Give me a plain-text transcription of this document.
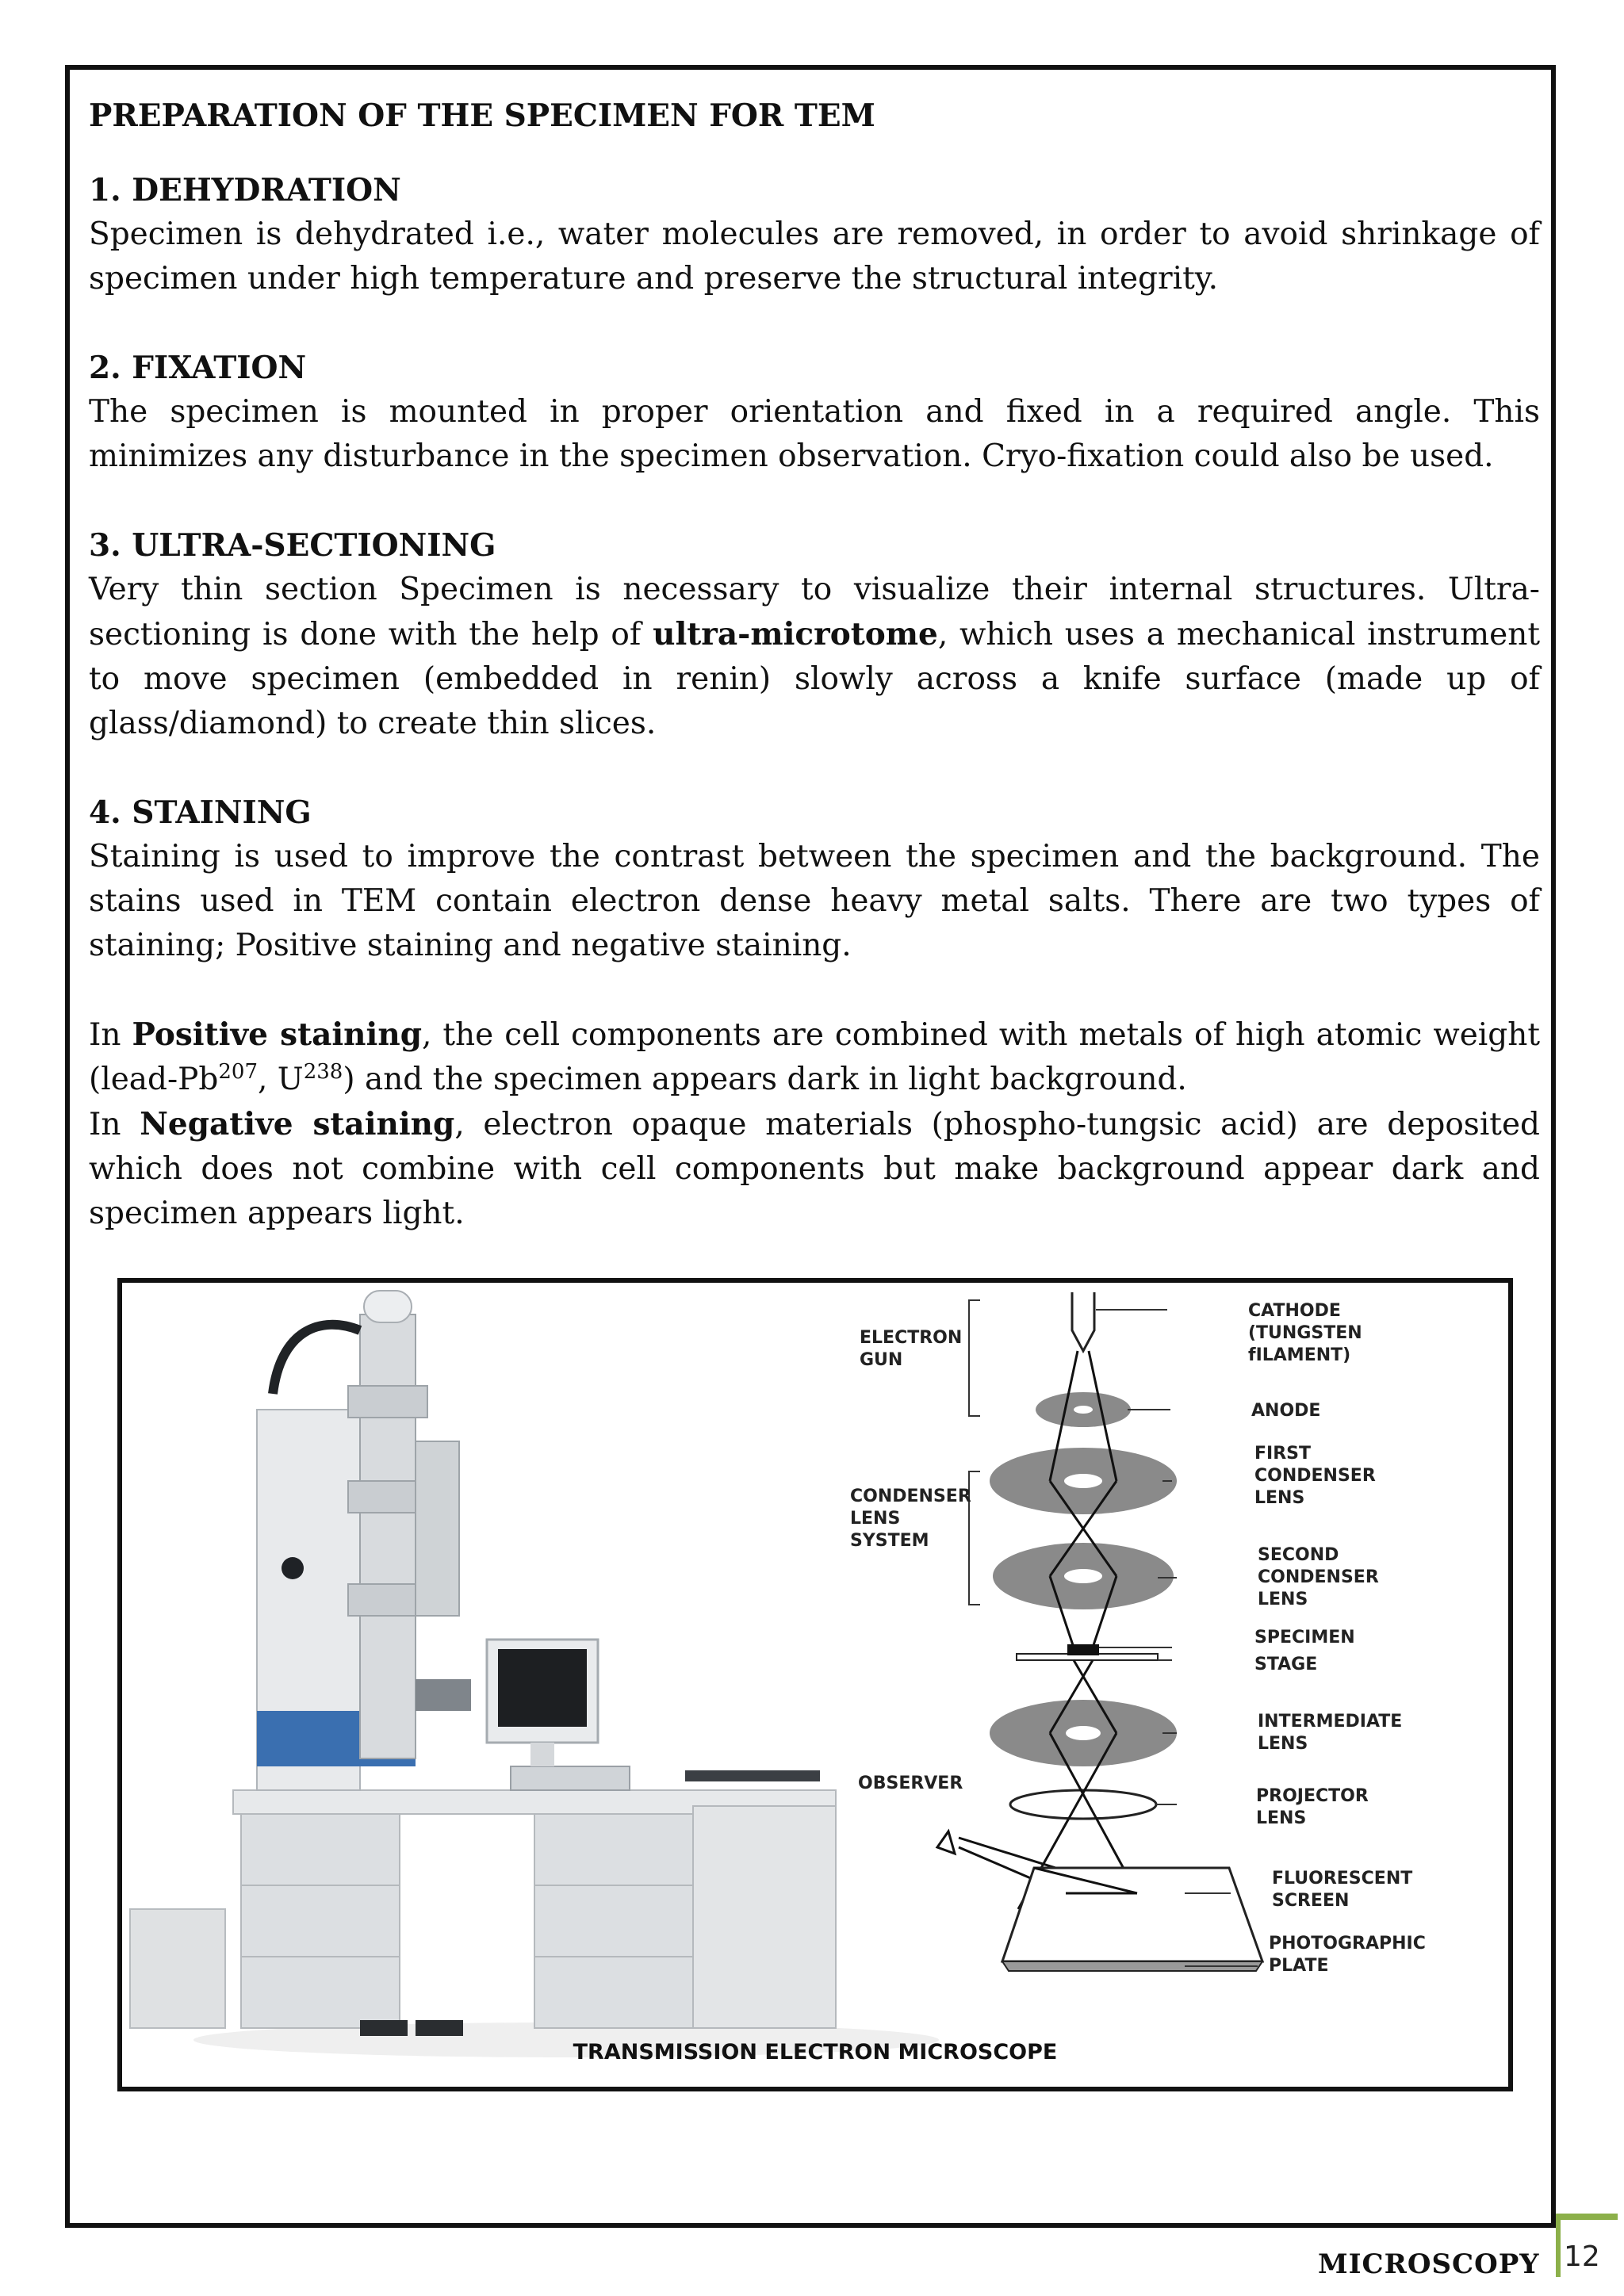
PREPARATION OF THE SPECIMEN FOR TEM

1. DEHYDRATION

Specimen is dehydrated i.e., water molecules are removed, in order to avoid shrinkage of specimen under high temperature and preserve the structural integrity.

2. FIXATION

The specimen is mounted in proper orientation and fixed in a required angle. This minimizes any disturbance in the specimen observation. Cryo-fixation could also be used.

3. ULTRA-SECTIONING

Very thin section Specimen is necessary to visualize their internal structures. Ultra-sectioning is done with the help of ultra-microtome, which uses a mechanical instrument to move specimen (embedded in renin) slowly across a knife surface (made up of glass/diamond) to create thin slices.

4. STAINING

Staining is used to improve the contrast between the specimen and the background. The stains used in TEM contain electron dense heavy metal salts. There are two types of staining; Positive staining and negative staining.

In Positive staining, the cell components are combined with metals of high atomic weight (lead-Pb$^{207}$, $U^{238}$) and the specimen appears dark in light background.

In Negative staining, electron opaque materials (phospho-tungsic acid) are deposited which does not combine with cell components but make background appear dark and specimen appears light.

ELECTRON
GUN
CONDENSER
LENS
SYSTEM
OBSERVER
CATHODE
(TUNGSTEN
fILAMENT)
ANODE
FIRST
CONDENSER
LENS
SECOND
CONDENSER
LENS
SPECIMEN
STAGE
INTERMEDIATE
LENS
PROJECTOR
LENS
FLUORESCENT
SCREEN
PHOTOGRAPHIC
PLATE
TRANSMISSION ELECTRON MICROSCOPE
MICROSCOPY 12
